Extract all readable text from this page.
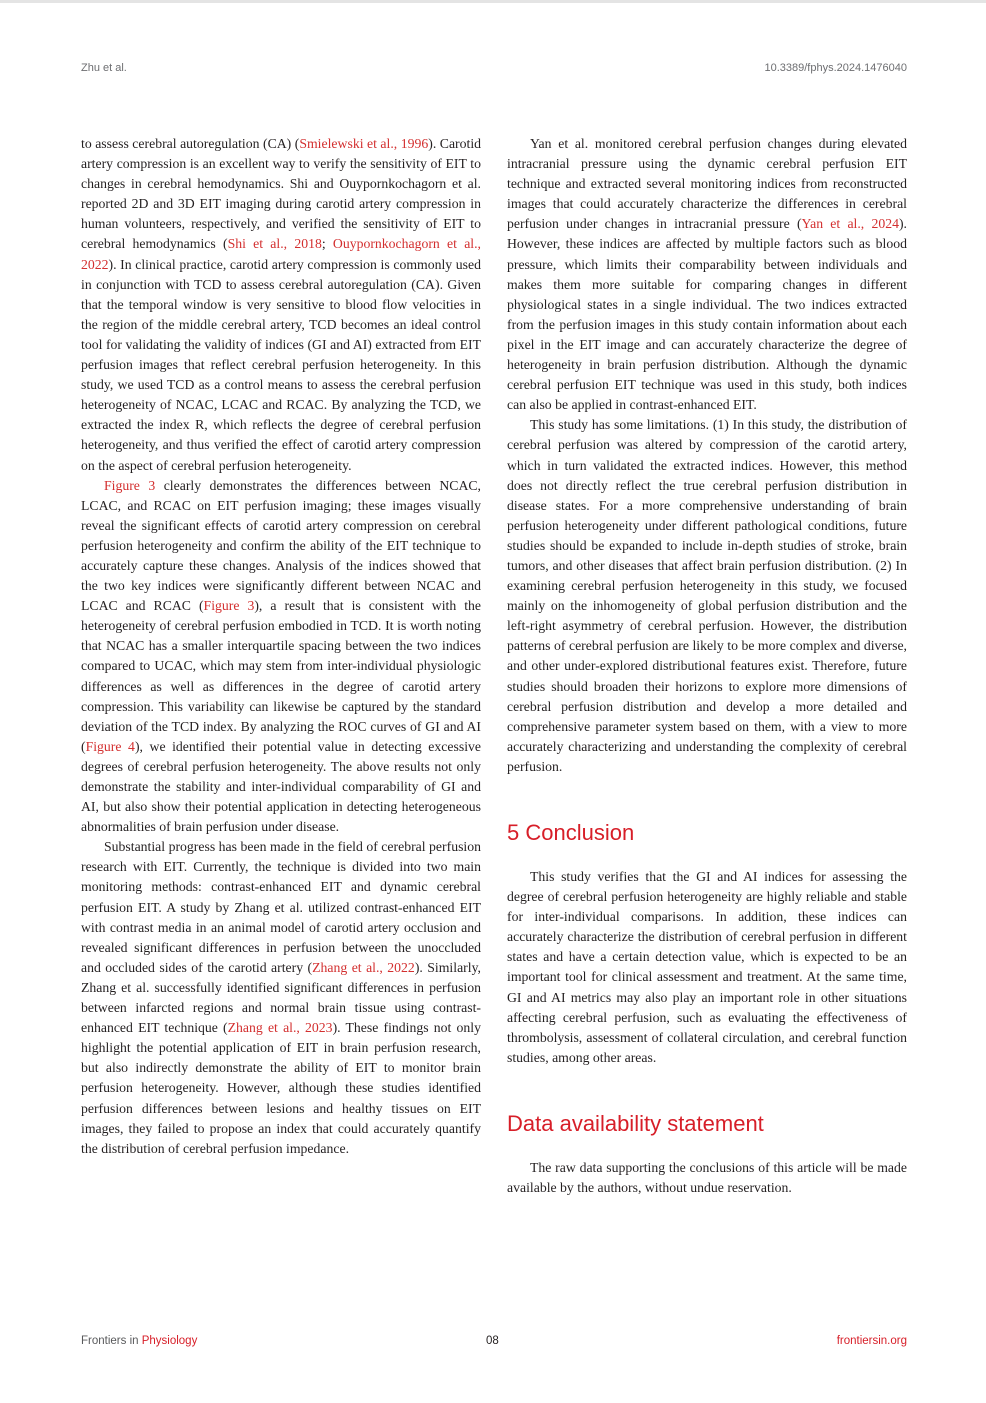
Zhu et al.	10.3389/fphys.2024.1476040

to assess cerebral autoregulation (CA) (Smielewski et al., 1996). Carotid artery compression is an excellent way to verify the sensitivity of EIT to changes in cerebral hemodynamics. Shi and Ouypornkochagorn et al. reported 2D and 3D EIT imaging during carotid artery compression in human volunteers, respectively, and verified the sensitivity of EIT to cerebral hemodynamics (Shi et al., 2018; Ouypornkochagorn et al., 2022). In clinical practice, carotid artery compression is commonly used in conjunction with TCD to assess cerebral autoregulation (CA). Given that the temporal window is very sensitive to blood flow velocities in the region of the middle cerebral artery, TCD becomes an ideal control tool for validating the validity of indices (GI and AI) extracted from EIT perfusion images that reflect cerebral perfusion heterogeneity. In this study, we used TCD as a control means to assess the cerebral perfusion heterogeneity of NCAC, LCAC and RCAC. By analyzing the TCD, we extracted the index R, which reflects the degree of cerebral perfusion heterogeneity, and thus verified the effect of carotid artery compression on the aspect of cerebral perfusion heterogeneity.

Figure 3 clearly demonstrates the differences between NCAC, LCAC, and RCAC on EIT perfusion imaging; these images visually reveal the significant effects of carotid artery compression on cerebral perfusion heterogeneity and confirm the ability of the EIT technique to accurately capture these changes. Analysis of the indices showed that the two key indices were significantly different between NCAC and LCAC and RCAC (Figure 3), a result that is consistent with the heterogeneity of cerebral perfusion embodied in TCD. It is worth noting that NCAC has a smaller interquartile spacing between the two indices compared to UCAC, which may stem from inter-individual physiologic differences as well as differences in the degree of carotid artery compression. This variability can likewise be captured by the standard deviation of the TCD index. By analyzing the ROC curves of GI and AI (Figure 4), we identified their potential value in detecting excessive degrees of cerebral perfusion heterogeneity. The above results not only demonstrate the stability and inter-individual comparability of GI and AI, but also show their potential application in detecting heterogeneous abnormalities of brain perfusion under disease.

Substantial progress has been made in the field of cerebral perfusion research with EIT. Currently, the technique is divided into two main monitoring methods: contrast-enhanced EIT and dynamic cerebral perfusion EIT. A study by Zhang et al. utilized contrast-enhanced EIT with contrast media in an animal model of carotid artery occlusion and revealed significant differences in perfusion between the unoccluded and occluded sides of the carotid artery (Zhang et al., 2022). Similarly, Zhang et al. successfully identified significant differences in perfusion between infarcted regions and normal brain tissue using contrast-enhanced EIT technique (Zhang et al., 2023). These findings not only highlight the potential application of EIT in brain perfusion research, but also indirectly demonstrate the ability of EIT to monitor brain perfusion heterogeneity. However, although these studies identified perfusion differences between lesions and healthy tissues on EIT images, they failed to propose an index that could accurately quantify the distribution of cerebral perfusion impedance.

Yan et al. monitored cerebral perfusion changes during elevated intracranial pressure using the dynamic cerebral perfusion EIT technique and extracted several monitoring indices from reconstructed images that could accurately characterize the differences in cerebral perfusion under changes in intracranial pressure (Yan et al., 2024). However, these indices are affected by multiple factors such as blood pressure, which limits their comparability between individuals and makes them more suitable for comparing changes in different physiological states in a single individual. The two indices extracted from the perfusion images in this study contain information about each pixel in the EIT image and can accurately characterize the degree of heterogeneity in brain perfusion distribution. Although the dynamic cerebral perfusion EIT technique was used in this study, both indices can also be applied in contrast-enhanced EIT.

This study has some limitations. (1) In this study, the distribution of cerebral perfusion was altered by compression of the carotid artery, which in turn validated the extracted indices. However, this method does not directly reflect the true cerebral perfusion distribution in disease states. For a more comprehensive understanding of brain perfusion heterogeneity under different pathological conditions, future studies should be expanded to include in-depth studies of stroke, brain tumors, and other diseases that affect brain perfusion distribution. (2) In examining cerebral perfusion heterogeneity in this study, we focused mainly on the inhomogeneity of global perfusion distribution and the left-right asymmetry of cerebral perfusion. However, the distribution patterns of cerebral perfusion are likely to be more complex and diverse, and other under-explored distributional features exist. Therefore, future studies should broaden their horizons to explore more dimensions of cerebral perfusion distribution and develop a more detailed and comprehensive parameter system based on them, with a view to more accurately characterizing and understanding the complexity of cerebral perfusion.

5 Conclusion

This study verifies that the GI and AI indices for assessing the degree of cerebral perfusion heterogeneity are highly reliable and stable for inter-individual comparisons. In addition, these indices can accurately characterize the distribution of cerebral perfusion in different states and have a certain detection value, which is expected to be an important tool for clinical assessment and treatment. At the same time, GI and AI metrics may also play an important role in other situations affecting cerebral perfusion, such as evaluating the effectiveness of thrombolysis, assessment of collateral circulation, and cerebral function studies, among other areas.

Data availability statement

The raw data supporting the conclusions of this article will be made available by the authors, without undue reservation.

Frontiers in Physiology	08	frontiersin.org
